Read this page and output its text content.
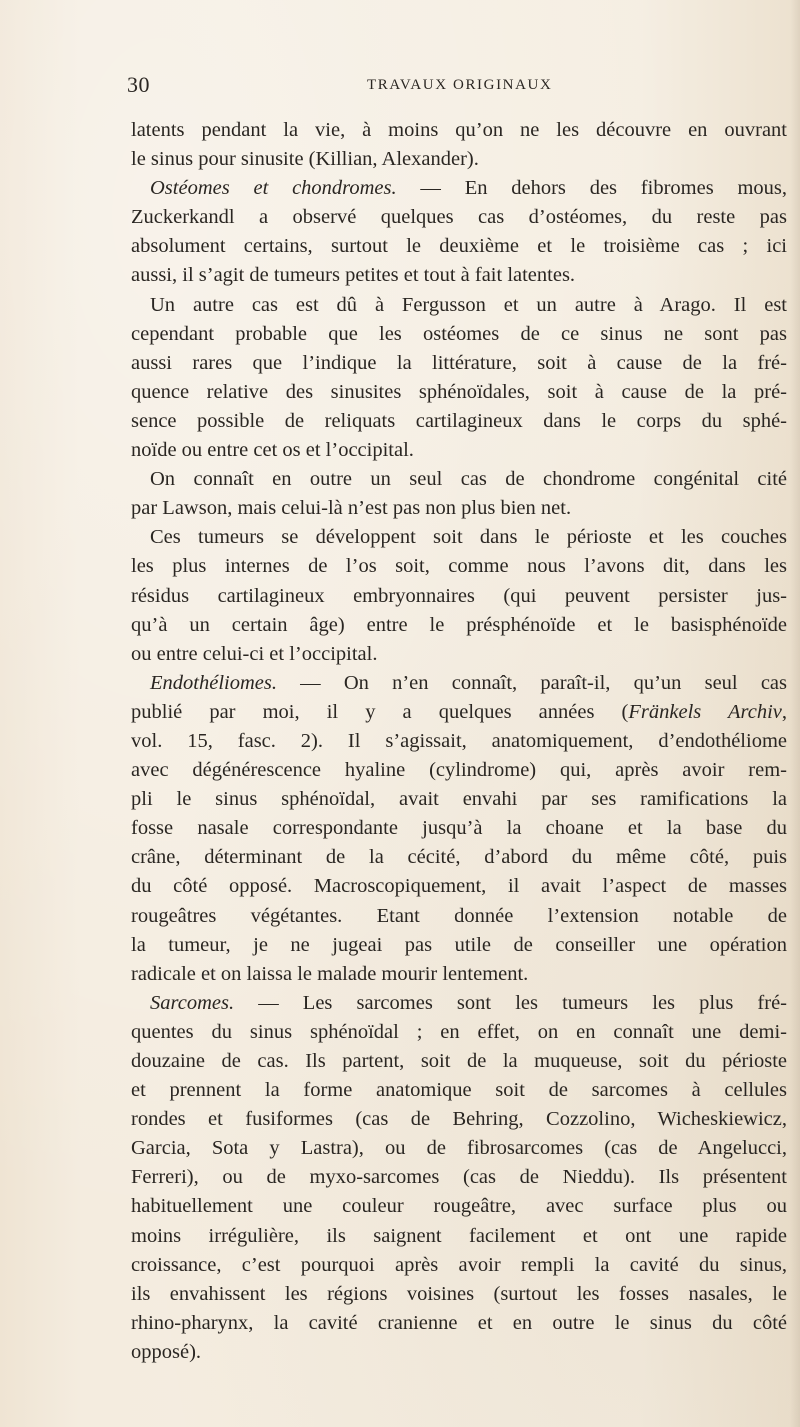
30	TRAVAUX ORIGINAUX
latents pendant la vie, à moins qu’on ne les découvre en ouvrant
le sinus pour sinusite (Killian, Alexander).
Ostéomes et chondromes. — En dehors des fibromes mous,
Zuckerkandl a observé quelques cas d’ostéomes, du reste pas
absolument certains, surtout le deuxième et le troisième cas ; ici
aussi, il s’agit de tumeurs petites et tout à fait latentes.
Un autre cas est dû à Fergusson et un autre à Arago. Il est
cependant probable que les ostéomes de ce sinus ne sont pas
aussi rares que l’indique la littérature, soit à cause de la fré-
quence relative des sinusites sphénoïdales, soit à cause de la pré-
sence possible de reliquats cartilagineux dans le corps du sphé-
noïde ou entre cet os et l’occipital.
On connaît en outre un seul cas de chondrome congénital cité
par Lawson, mais celui-là n’est pas non plus bien net.
Ces tumeurs se développent soit dans le périoste et les couches
les plus internes de l’os soit, comme nous l’avons dit, dans les
résidus cartilagineux embryonnaires (qui peuvent persister jus-
qu’à un certain âge) entre le présphénoïde et le basisphénoïde
ou entre celui-ci et l’occipital.
Endothéliomes. — On n’en connaît, paraît-il, qu’un seul cas
publié par moi, il y a quelques années (Fränkels Archiv,
vol. 15, fasc. 2). Il s’agissait, anatomiquement, d’endothéliome
avec dégénérescence hyaline (cylindrome) qui, après avoir rem-
pli le sinus sphénoïdal, avait envahi par ses ramifications la
fosse nasale correspondante jusqu’à la choane et la base du
crâne, déterminant de la cécité, d’abord du même côté, puis
du côté opposé. Macroscopiquement, il avait l’aspect de masses
rougeâtres végétantes. Etant donnée l’extension notable de
la tumeur, je ne jugeai pas utile de conseiller une opération
radicale et on laissa le malade mourir lentement.
Sarcomes. — Les sarcomes sont les tumeurs les plus fré-
quentes du sinus sphénoïdal ; en effet, on en connaît une demi-
douzaine de cas. Ils partent, soit de la muqueuse, soit du périoste
et prennent la forme anatomique soit de sarcomes à cellules
rondes et fusiformes (cas de Behring, Cozzolino, Wicheskiewicz,
Garcia, Sota y Lastra), ou de fibrosarcomes (cas de Angelucci,
Ferreri), ou de myxo-sarcomes (cas de Nieddu). Ils présentent
habituellement une couleur rougeâtre, avec surface plus ou
moins irrégulière, ils saignent facilement et ont une rapide
croissance, c’est pourquoi après avoir rempli la cavité du sinus,
ils envahissent les régions voisines (surtout les fosses nasales, le
rhino-pharynx, la cavité cranienne et en outre le sinus du côté
opposé).
